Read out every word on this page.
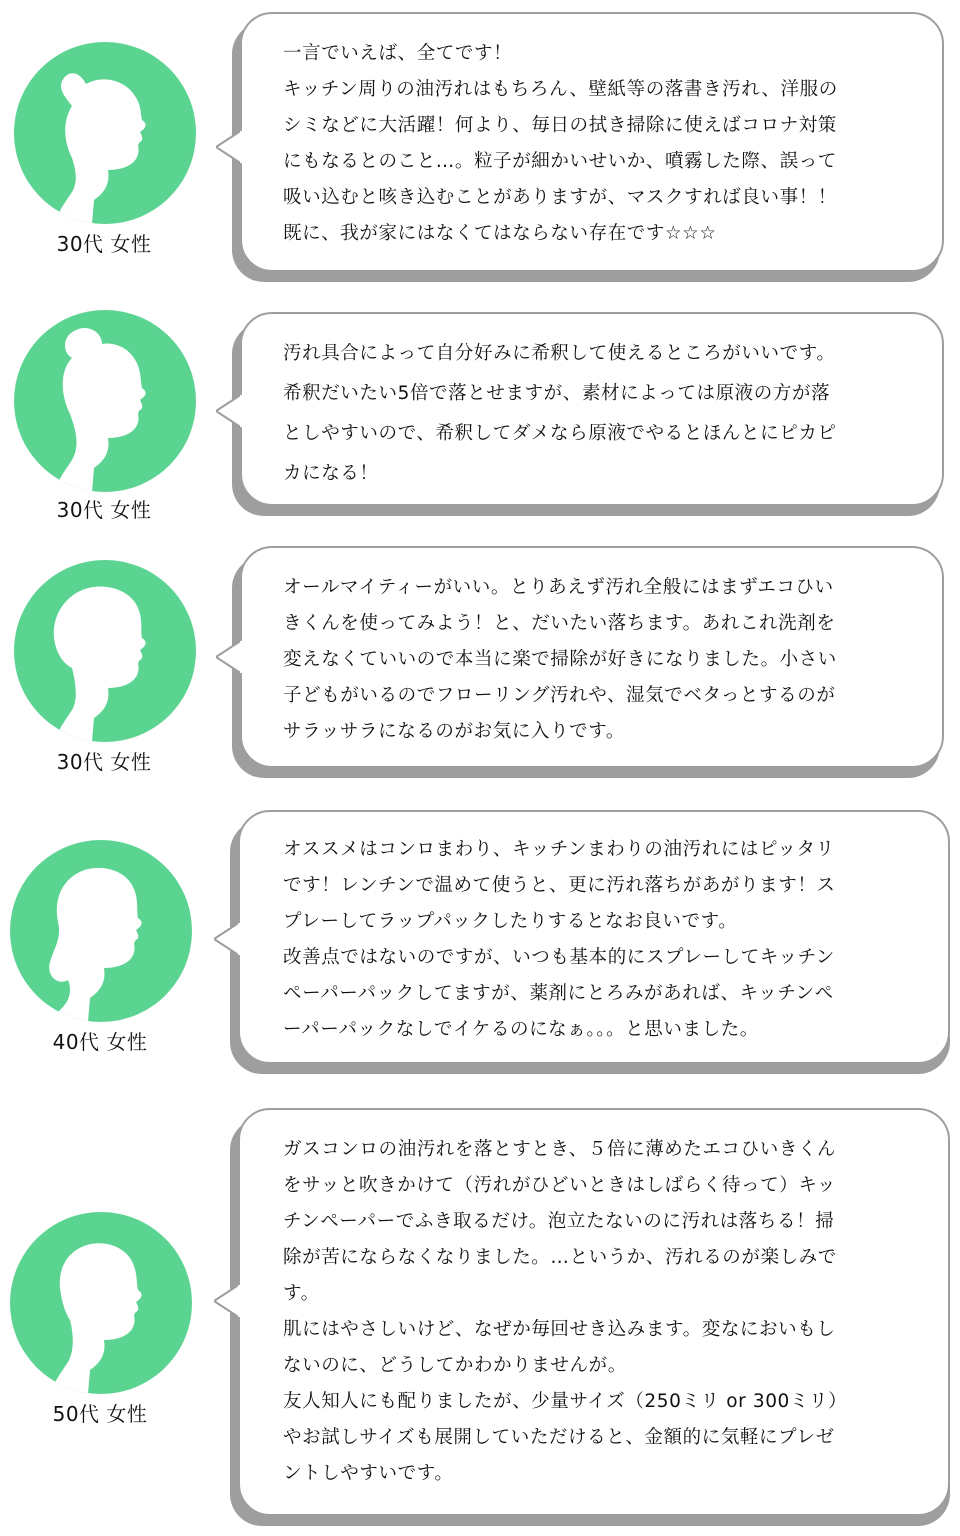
30代 女性
一言でいえば、全てです！
キッチン周りの油汚れはもちろん、壁紙等の落書き汚れ、洋服の
シミなどに大活躍！何より、毎日の拭き掃除に使えばコロナ対策
にもなるとのこと…。粒子が細かいせいか、噴霧した際、誤って
吸い込むと咳き込むことがありますが、マスクすれば良い事！！
既に、我が家にはなくてはならない存在です☆☆☆
30代 女性
汚れ具合によって自分好みに希釈して使えるところがいいです。
希釈だいたい5倍で落とせますが、素材によっては原液の方が落
としやすいので、希釈してダメなら原液でやるとほんとにピカピ
カになる！
30代 女性
オールマイティーがいい。とりあえず汚れ全般にはまずエコひい
きくんを使ってみよう！と、だいたい落ちます。あれこれ洗剤を
変えなくていいので本当に楽で掃除が好きになりました。小さい
子どもがいるのでフローリング汚れや、湿気でベタっとするのが
サラッサラになるのがお気に入りです。
40代 女性
オススメはコンロまわり、キッチンまわりの油汚れにはピッタリ
です！レンチンで温めて使うと、更に汚れ落ちがあがります！ス
プレーしてラップパックしたりするとなお良いです。
改善点ではないのですが、いつも基本的にスプレーしてキッチン
ペーパーパックしてますが、薬剤にとろみがあれば、キッチンペ
ーパーパックなしでイケるのになぁ。。。と思いました。
50代 女性
ガスコンロの油汚れを落とすとき、５倍に薄めたエコひいきくん
をサッと吹きかけて（汚れがひどいときはしばらく待って）キッ
チンペーパーでふき取るだけ。泡立たないのに汚れは落ちる！掃
除が苦にならなくなりました。…というか、汚れるのが楽しみで
す。
肌にはやさしいけど、なぜか毎回せき込みます。変なにおいもし
ないのに、どうしてかわかりませんが。
友人知人にも配りましたが、少量サイズ（250ミリ or 300ミリ）
やお試しサイズも展開していただけると、金額的に気軽にプレゼ
ントしやすいです。
